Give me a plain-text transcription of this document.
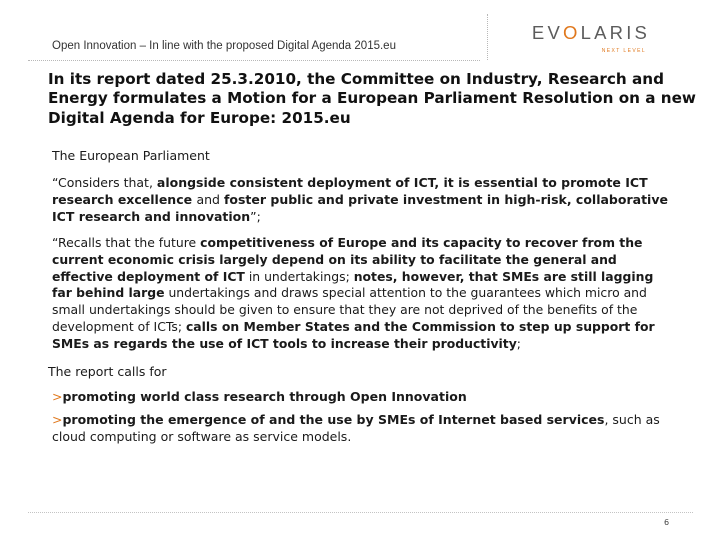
Open Innovation – In line with the proposed Digital Agenda 2015.eu
EVOLARIS
NEXT LEVEL
In its report dated 25.3.2010, the Committee on Industry, Research and Energy formulates a Motion for a European Parliament Resolution on a new Digital Agenda for Europe: 2015.eu

The European Parliament

“Considers that, alongside consistent deployment of ICT, it is essential to promote ICT research excellence and foster public and private investment in high-risk, collaborative ICT research and innovation”;

“Recalls that the future competitiveness of Europe and its capacity to recover from the current economic crisis largely depend on its ability to facilitate the general and effective deployment of ICT in undertakings; notes, however, that SMEs are still lagging far behind large undertakings and draws special attention to the guarantees which micro and small undertakings should be given to ensure that they are not deprived of the benefits of the development of ICTs; calls on Member States and the Commission to step up support for SMEs as regards the use of ICT tools to increase their productivity;

The report calls for

>promoting world class research through Open Innovation

>promoting the emergence of and the use by SMEs of Internet based services, such as cloud computing or software as service models.

6
